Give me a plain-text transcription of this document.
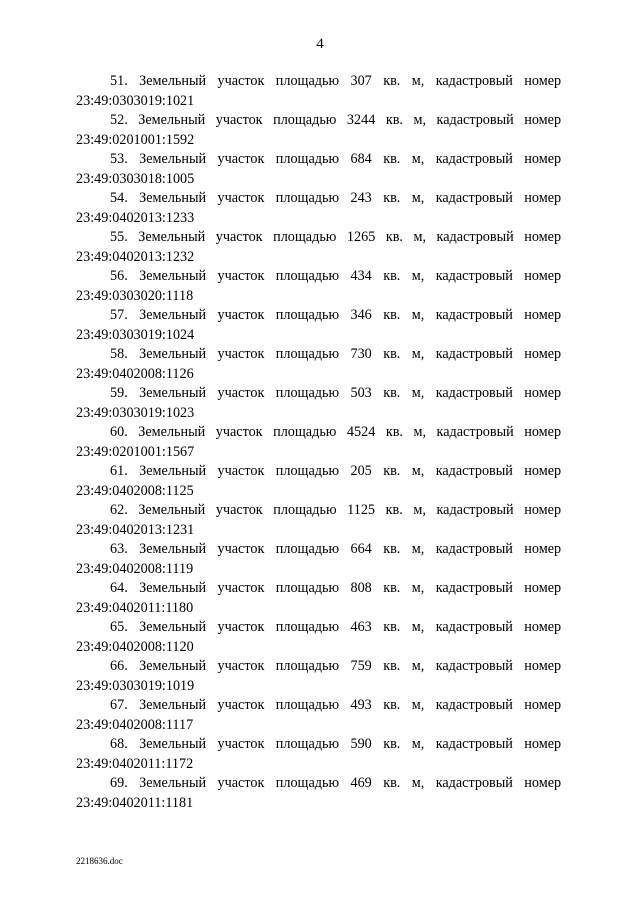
4
51. Земельный участок площадью 307 кв. м, кадастровый номер
23:49:0303019:1021
52. Земельный участок площадью 3244 кв. м, кадастровый номер
23:49:0201001:1592
53. Земельный участок площадью 684 кв. м, кадастровый номер
23:49:0303018:1005
54. Земельный участок площадью 243 кв. м, кадастровый номер
23:49:0402013:1233
55. Земельный участок площадью 1265 кв. м, кадастровый номер
23:49:0402013:1232
56. Земельный участок площадью 434 кв. м, кадастровый номер
23:49:0303020:1118
57. Земельный участок площадью 346 кв. м, кадастровый номер
23:49:0303019:1024
58. Земельный участок площадью 730 кв. м, кадастровый номер
23:49:0402008:1126
59. Земельный участок площадью 503 кв. м, кадастровый номер
23:49:0303019:1023
60. Земельный участок площадью 4524 кв. м, кадастровый номер
23:49:0201001:1567
61. Земельный участок площадью 205 кв. м, кадастровый номер
23:49:0402008:1125
62. Земельный участок площадью 1125 кв. м, кадастровый номер
23:49:0402013:1231
63. Земельный участок площадью 664 кв. м, кадастровый номер
23:49:0402008:1119
64. Земельный участок площадью 808 кв. м, кадастровый номер
23:49:0402011:1180
65. Земельный участок площадью 463 кв. м, кадастровый номер
23:49:0402008:1120
66. Земельный участок площадью 759 кв. м, кадастровый номер
23:49:0303019:1019
67. Земельный участок площадью 493 кв. м, кадастровый номер
23:49:0402008:1117
68. Земельный участок площадью 590 кв. м, кадастровый номер
23:49:0402011:1172
69. Земельный участок площадью 469 кв. м, кадастровый номер
23:49:0402011:1181
2218636.doc
